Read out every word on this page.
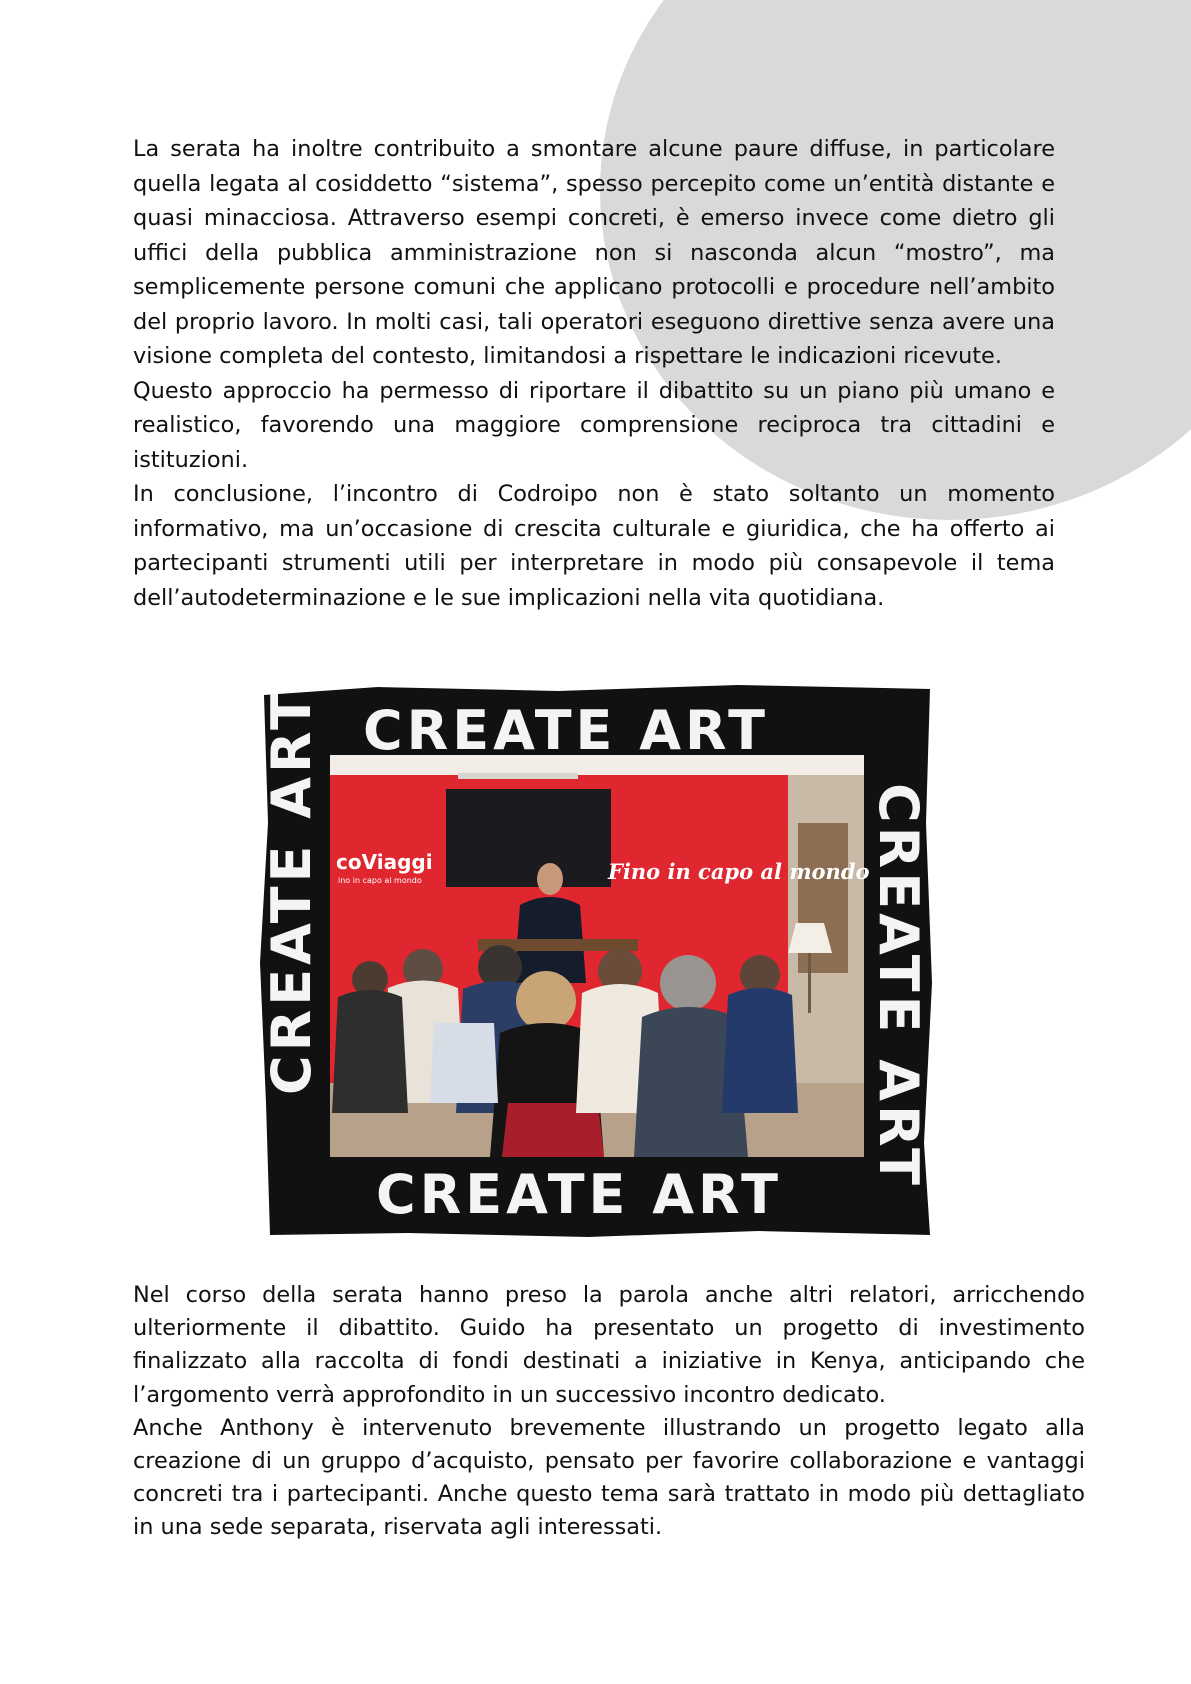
La serata ha inoltre contribuito a smontare alcune paure diffuse, in particolare quella legata al cosiddetto “sistema”, spesso percepito come un’entità distante e quasi minacciosa. Attraverso esempi concreti, è emerso invece come dietro gli uffici della pubblica amministrazione non si nasconda alcun “mostro”, ma semplicemente persone comuni che applicano protocolli e procedure nell’ambito del proprio lavoro. In molti casi, tali operatori eseguono direttive senza avere una visione completa del contesto, limitandosi a rispettare le indicazioni ricevute.

Questo approccio ha permesso di riportare il dibattito su un piano più umano e realistico, favorendo una maggiore comprensione reciproca tra cittadini e istituzioni.

In conclusione, l’incontro di Codroipo non è stato soltanto un momento informativo, ma un’occasione di crescita culturale e giuridica, che ha offerto ai partecipanti strumenti utili per interpretare in modo più consapevole il tema dell’autodeterminazione e le sue implicazioni nella vita quotidiana.

coViaggi
ino in capo al mondo	Fino in capo al mondo
CREATE ART
CREATE ART
CREATE ART	CREATE ART

Nel corso della serata hanno preso la parola anche altri relatori, arricchendo ulteriormente il dibattito. Guido ha presentato un progetto di investimento finalizzato alla raccolta di fondi destinati a iniziative in Kenya, anticipando che l’argomento verrà approfondito in un successivo incontro dedicato.

Anche Anthony è intervenuto brevemente illustrando un progetto legato alla creazione di un gruppo d’acquisto, pensato per favorire collaborazione e vantaggi concreti tra i partecipanti. Anche questo tema sarà trattato in modo più dettagliato in una sede separata, riservata agli interessati.
